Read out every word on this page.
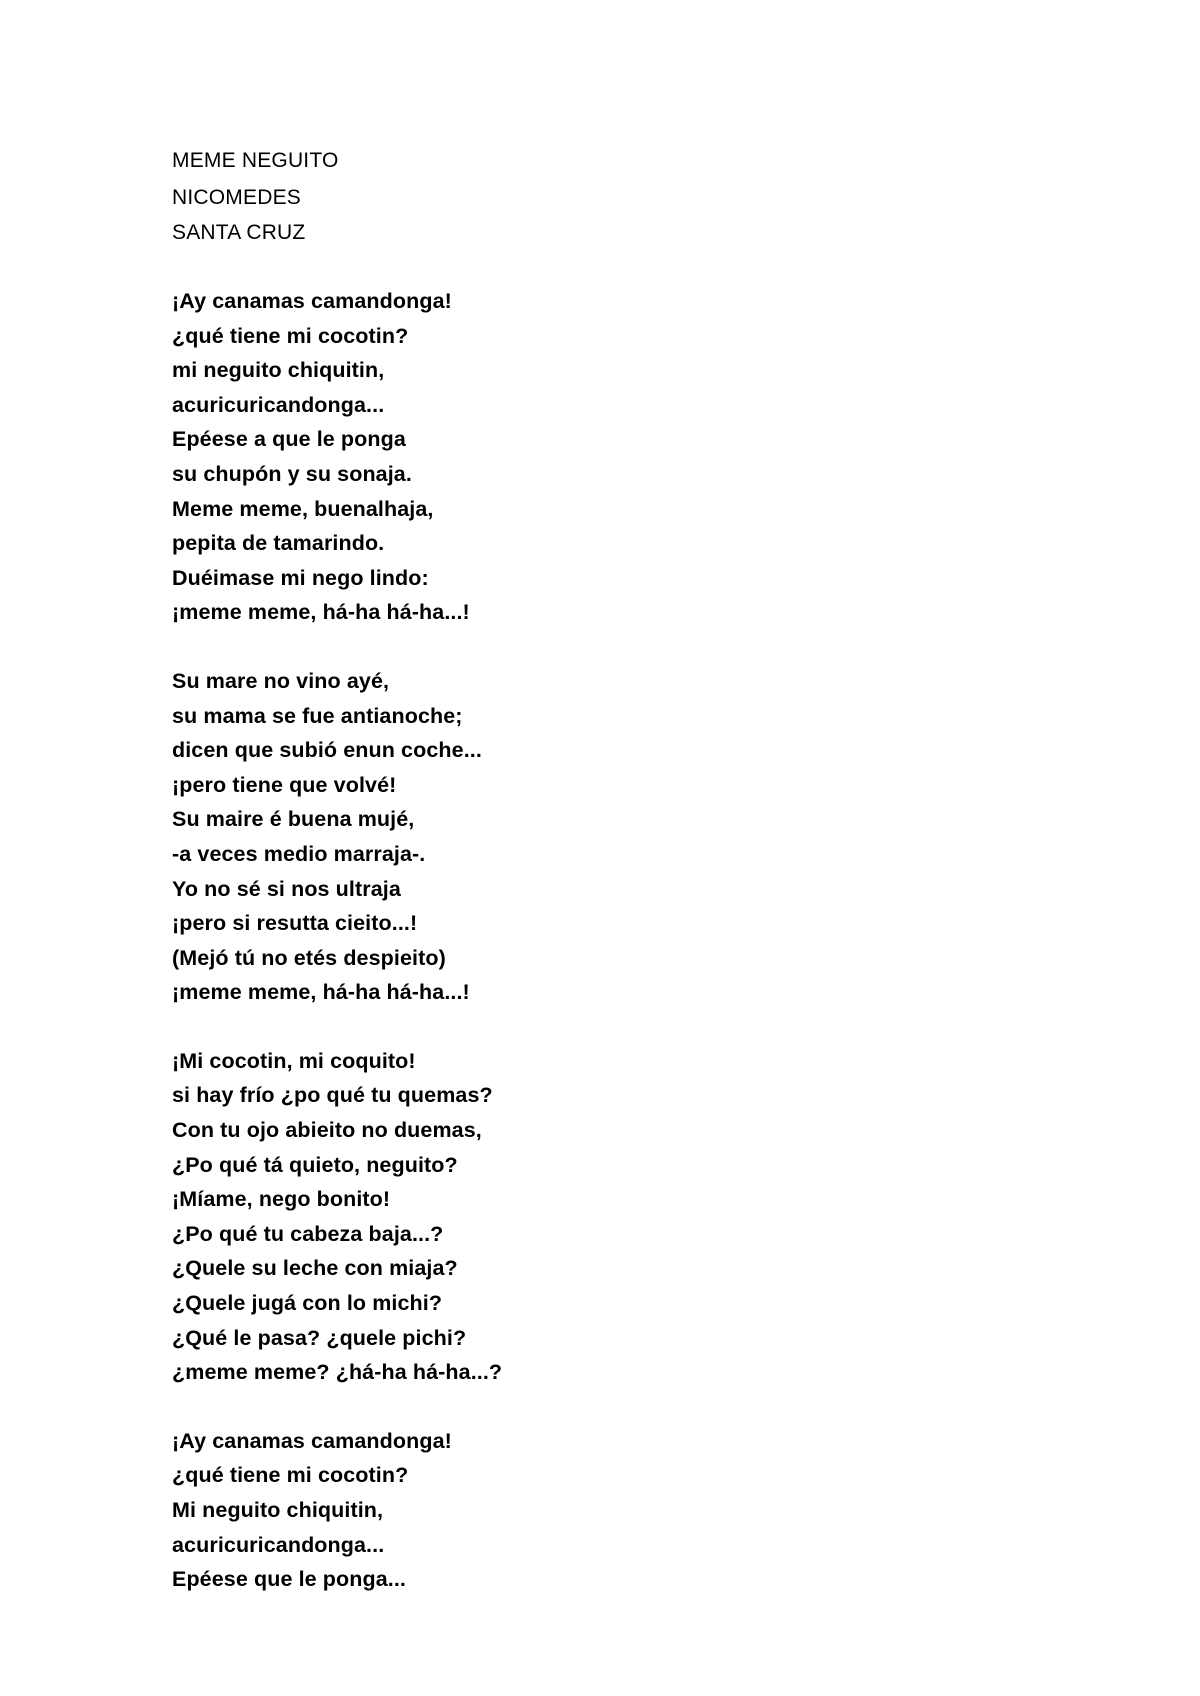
MEME NEGUITO
NICOMEDES
SANTA CRUZ
¡Ay canamas camandonga!
¿qué tiene mi cocotin?
mi neguito chiquitin,
acuricuricandonga...
Epéese a que le ponga
su chupón y su sonaja.
Meme meme, buenalhaja,
pepita de tamarindo.
Duéimase mi nego lindo:
¡meme meme, há-ha há-ha...!
Su mare no vino ayé,
su mama se fue antianoche;
dicen que subió enun coche...
¡pero tiene que volvé!
Su maire é buena mujé,
-a veces medio marraja-.
Yo no sé si nos ultraja
¡pero si resutta cieito...!
(Mejó tú no etés despieito)
¡meme meme, há-ha há-ha...!
¡Mi cocotin, mi coquito!
si hay frío ¿po qué tu quemas?
Con tu ojo abieito no duemas,
¿Po qué tá quieto, neguito?
¡Míame, nego bonito!
¿Po qué tu cabeza baja...?
¿Quele su leche con miaja?
¿Quele jugá con lo michi?
¿Qué le pasa? ¿quele pichi?
¿meme meme? ¿há-ha há-ha...?
¡Ay canamas camandonga!
¿qué tiene mi cocotin?
Mi neguito chiquitin,
acuricuricandonga...
Epéese que le ponga...
